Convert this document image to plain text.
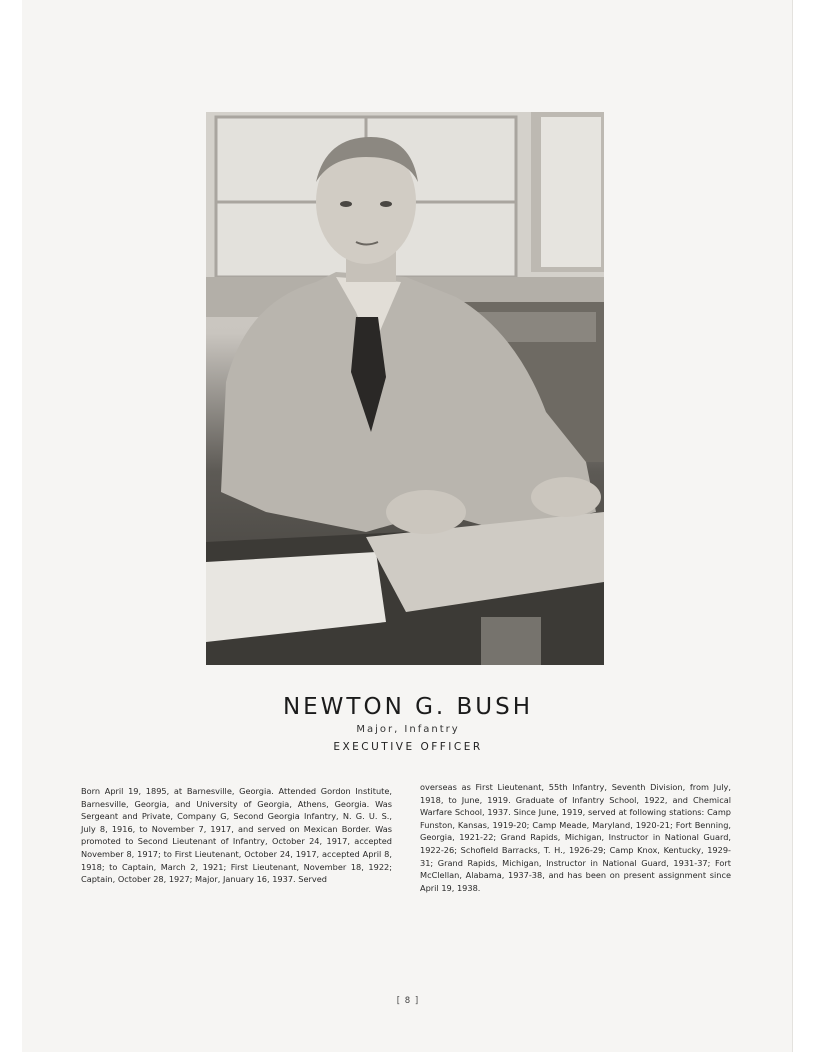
NEWTON G. BUSH
Major, Infantry
EXECUTIVE OFFICER

Born April 19, 1895, at Barnesville, Georgia. Attended Gordon Institute, Barnesville, Georgia, and University of Georgia, Athens, Georgia. Was Sergeant and Private, Company G, Second Georgia Infantry, N. G. U. S., July 8, 1916, to November 7, 1917, and served on Mexican Border. Was promoted to Second Lieutenant of Infantry, October 24, 1917, accepted November 8, 1917; to First Lieutenant, October 24, 1917, accepted April 8, 1918; to Captain, March 2, 1921; First Lieutenant, November 18, 1922; Captain, October 28, 1927; Major, January 16, 1937. Served

overseas as First Lieutenant, 55th Infantry, Seventh Division, from July, 1918, to June, 1919. Graduate of Infantry School, 1922, and Chemical Warfare School, 1937. Since June, 1919, served at following stations: Camp Funston, Kansas, 1919-20; Camp Meade, Maryland, 1920-21; Fort Benning, Georgia, 1921-22; Grand Rapids, Michigan, Instructor in National Guard, 1922-26; Schofield Barracks, T. H., 1926-29; Camp Knox, Kentucky, 1929-31; Grand Rapids, Michigan, Instructor in National Guard, 1931-37; Fort McClellan, Alabama, 1937-38, and has been on present assignment since April 19, 1938.

[ 8 ]
